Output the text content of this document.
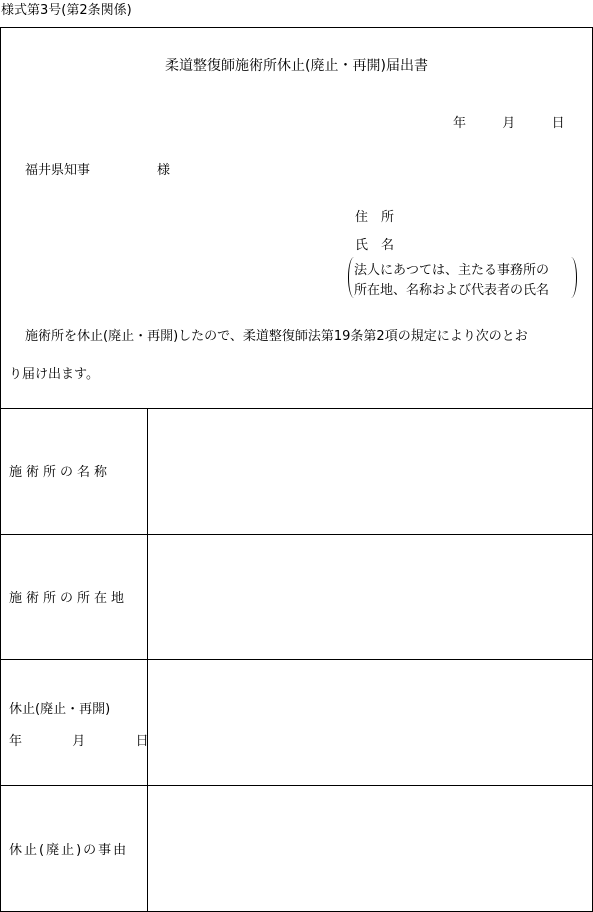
様式第3号(第2条関係)
柔道整復師施術所休止(廃止・再開)届出書
年	月	日
福井県知事	様
住　所
氏　名
法人にあつては、主たる事務所の
所在地、名称および代表者の氏名
施術所を休止(廃止・再開)したので、柔道整復師法第19条第2項の規定により次のとお
り届け出ます。
施術所の名称
施術所の所在地
休止(廃止・再開)
年	月	日
休止(廃止)の事由
